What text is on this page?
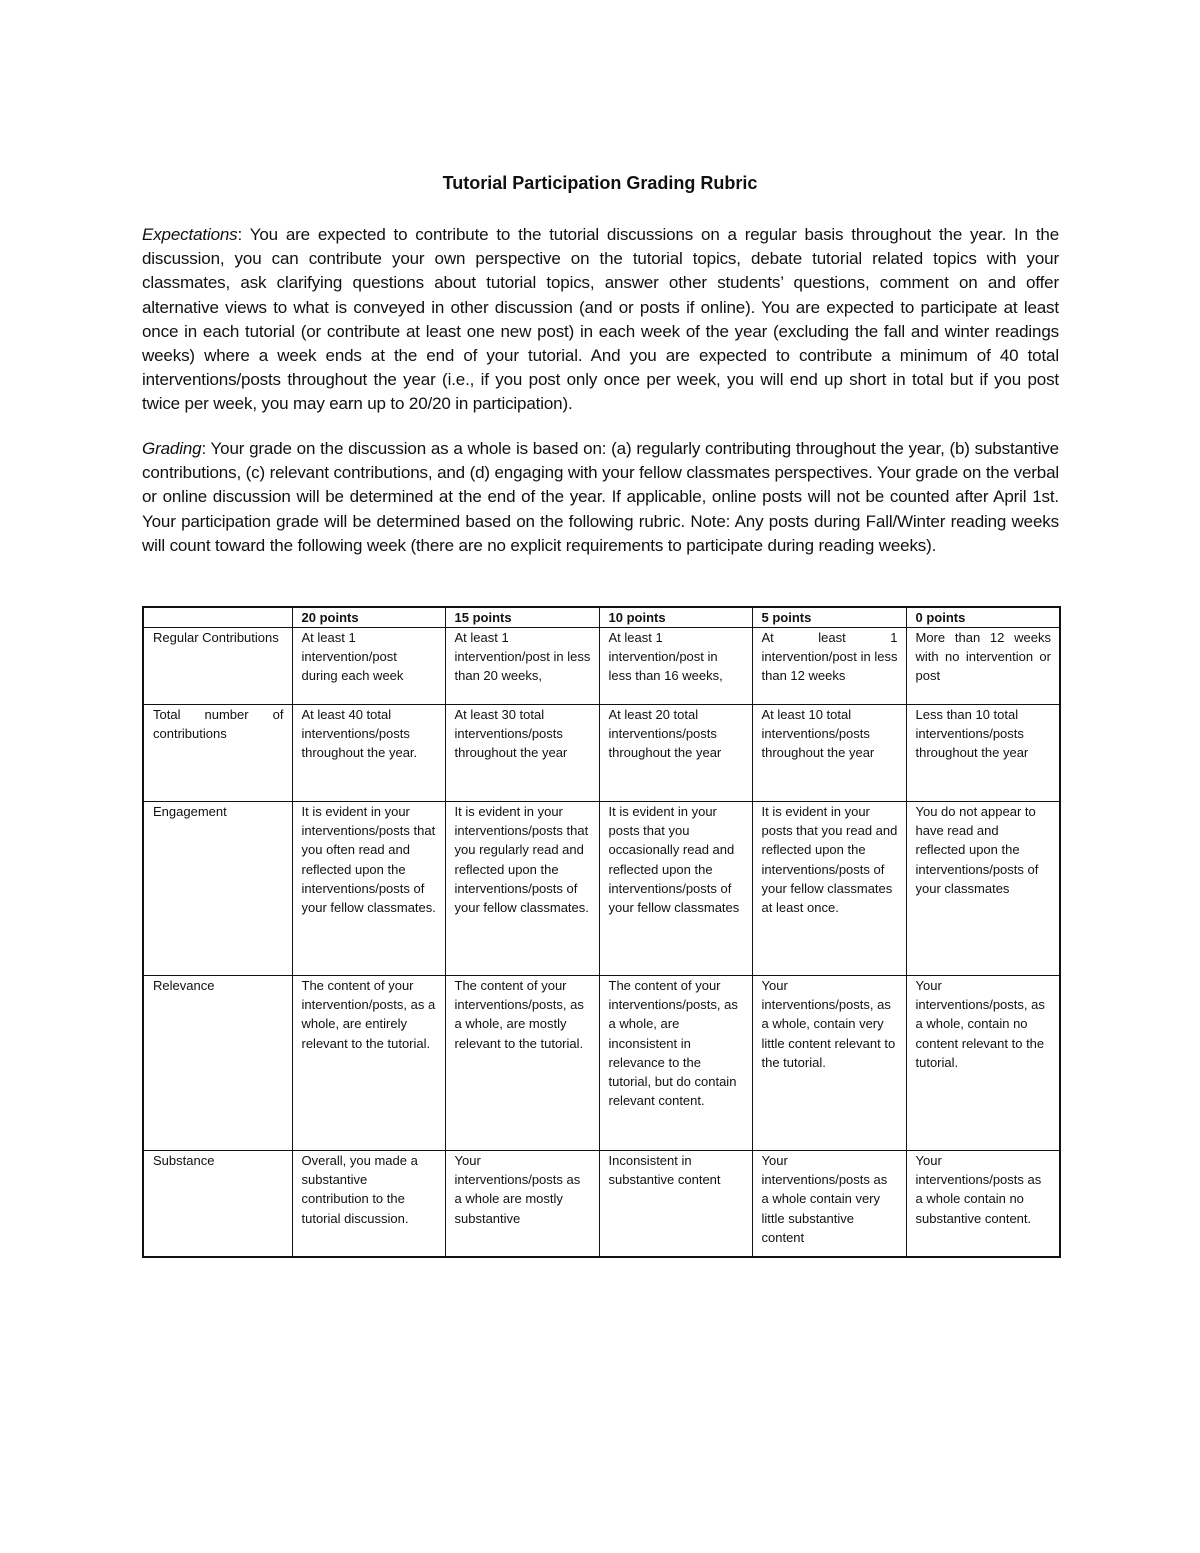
Tutorial Participation Grading Rubric

Expectations: You are expected to contribute to the tutorial discussions on a regular basis throughout the year. In the discussion, you can contribute your own perspective on the tutorial topics, debate tutorial related topics with your classmates, ask clarifying questions about tutorial topics, answer other students’ questions, comment on and offer alternative views to what is conveyed in other discussion (and or posts if online). You are expected to participate at least once in each tutorial (or contribute at least one new post) in each week of the year (excluding the fall and winter readings weeks) where a week ends at the end of your tutorial. And you are expected to contribute a minimum of 40 total interventions/posts throughout the year (i.e., if you post only once per week, you will end up short in total but if you post twice per week, you may earn up to 20/20 in participation).

Grading: Your grade on the discussion as a whole is based on: (a) regularly contributing throughout the year, (b) substantive contributions, (c) relevant contributions, and (d) engaging with your fellow classmates perspectives. Your grade on the verbal or online discussion will be determined at the end of the year. If applicable, online posts will not be counted after April 1st. Your participation grade will be determined based on the following rubric. Note: Any posts during Fall/Winter reading weeks will count toward the following week (there are no explicit requirements to participate during reading weeks).

	20 points	15 points	10 points	5 points	0 points
Regular Contributions	At least 1 intervention/post during each week	At least 1 intervention/post in less than 20 weeks,	At least 1 intervention/post in less than 16 weeks,	At least 1 intervention/post in less than 12 weeks	More than 12 weeks with no intervention or post
Total number of contributions	At least 40 total interventions/posts throughout the year.	At least 30 total interventions/posts throughout the year	At least 20 total interventions/posts throughout the year	At least 10 total interventions/posts throughout the year	Less than 10 total interventions/posts throughout the year
Engagement	It is evident in your interventions/posts that you often read and reflected upon the interventions/posts of your fellow classmates.	It is evident in your interventions/posts that you regularly read and reflected upon the interventions/posts of your fellow classmates.	It is evident in your posts that you occasionally read and reflected upon the interventions/posts of your fellow classmates	It is evident in your posts that you read and reflected upon the interventions/posts of your fellow classmates at least once.	You do not appear to have read and reflected upon the interventions/posts of your classmates
Relevance	The content of your intervention/posts, as a whole, are entirely relevant to the tutorial.	The content of your interventions/posts, as a whole, are mostly relevant to the tutorial.	The content of your interventions/posts, as a whole, are inconsistent in relevance to the tutorial, but do contain relevant content.	Your interventions/posts, as a whole, contain very little content relevant to the tutorial.	Your interventions/posts, as a whole, contain no content relevant to the tutorial.
Substance	Overall, you made a substantive contribution to the tutorial discussion.	Your interventions/posts as a whole are mostly substantive	Inconsistent in substantive content	Your interventions/posts as a whole contain very little substantive content	Your interventions/posts as a whole contain no substantive content.
